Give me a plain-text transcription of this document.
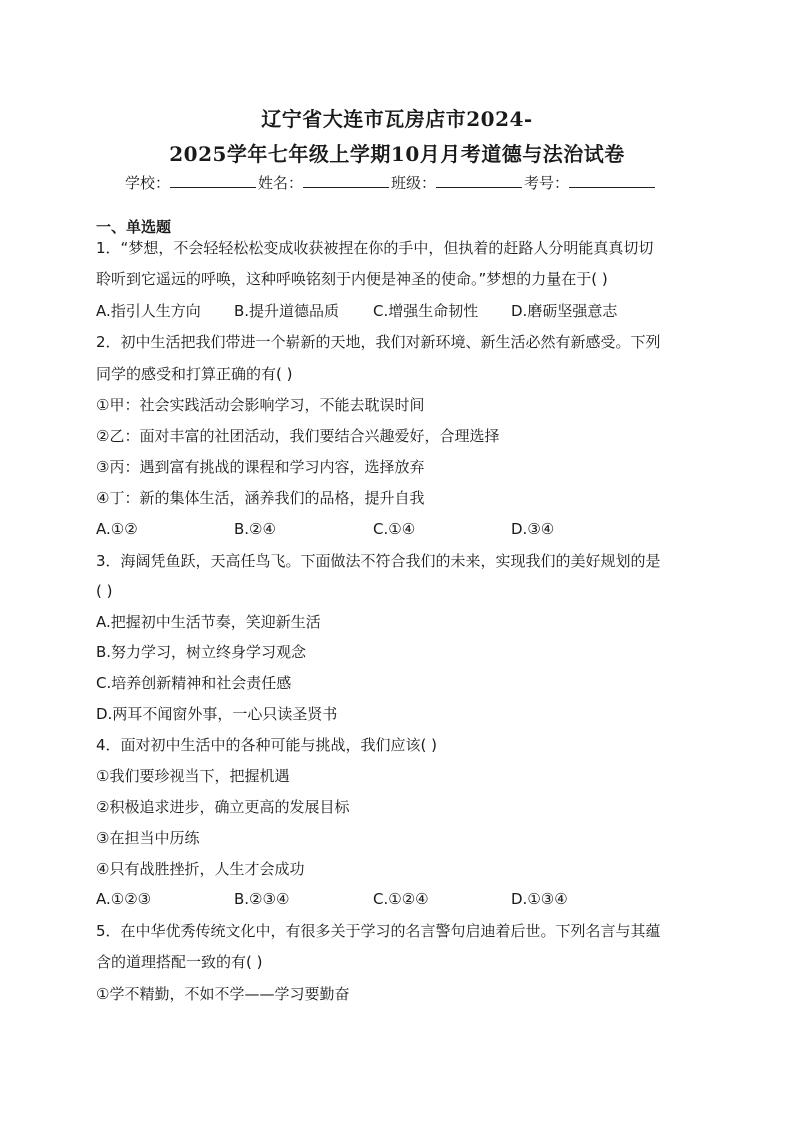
辽宁省大连市瓦房店市2024-
2025学年七年级上学期10月月考道德与法治试卷
学校：	姓名：	班级：	考号：
一、单选题
1．“梦想，不会轻轻松松变成收获被捏在你的手中，但执着的赶路人分明能真真切切
聆听到它遥远的呼唤，这种呼唤铭刻于内便是神圣的使命。”梦想的力量在于( )
A.指引人生方向 B.提升道德品质 C.增强生命韧性 D.磨砺坚强意志
2．初中生活把我们带进一个崭新的天地，我们对新环境、新生活必然有新感受。下列
同学的感受和打算正确的有( )
①甲：社会实践活动会影响学习，不能去耽误时间
②乙：面对丰富的社团活动，我们要结合兴趣爱好，合理选择
③丙：遇到富有挑战的课程和学习内容，选择放弃
④丁：新的集体生活，涵养我们的品格，提升自我
A.①②	B.②④	C.①④	D.③④
3．海阔凭鱼跃，天高任鸟飞。下面做法不符合我们的未来，实现我们的美好规划的是
( )
A.把握初中生活节奏，笑迎新生活
B.努力学习，树立终身学习观念
C.培养创新精神和社会责任感
D.两耳不闻窗外事，一心只读圣贤书
4．面对初中生活中的各种可能与挑战，我们应该( )
①我们要珍视当下，把握机遇
②积极追求进步，确立更高的发展目标
③在担当中历练
④只有战胜挫折，人生才会成功
A.①②③	B.②③④	C.①②④	D.①③④
5．在中华优秀传统文化中，有很多关于学习的名言警句启迪着后世。下列名言与其蕴
含的道理搭配一致的有( )
①学不精勤，不如不学——学习要勤奋
